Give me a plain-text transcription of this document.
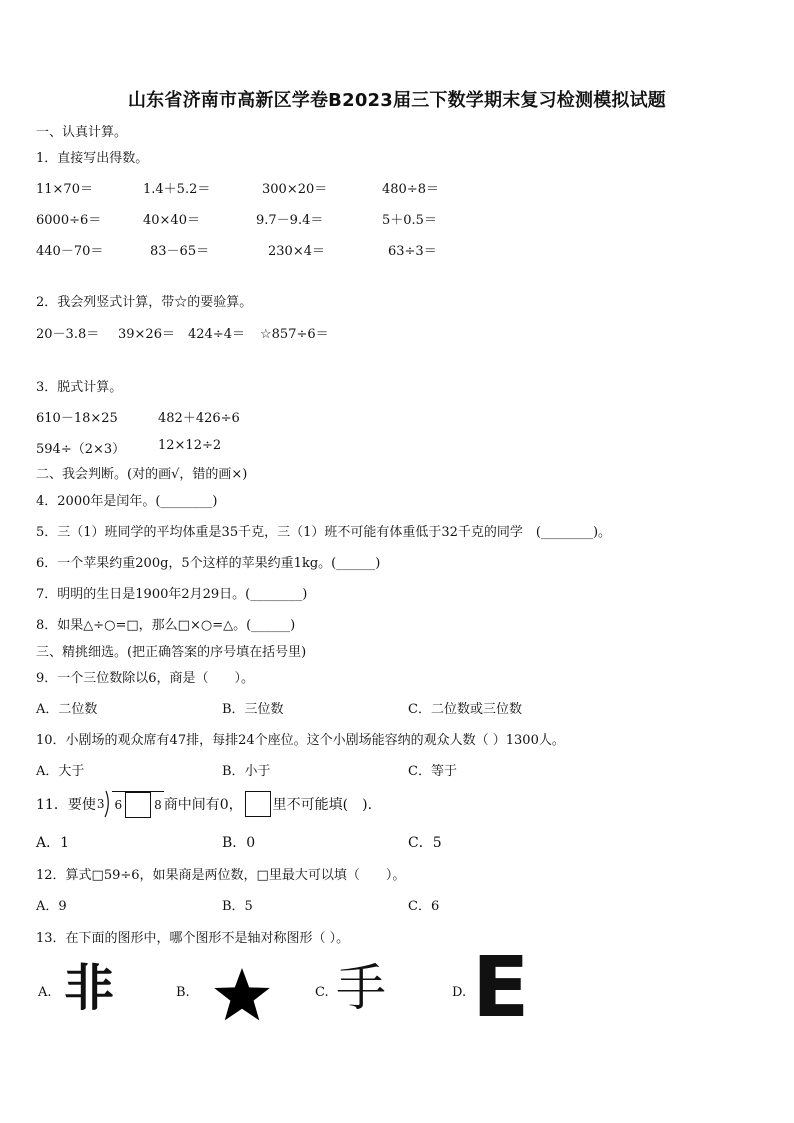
山东省济南市高新区学卷B2023届三下数学期末复习检测模拟试题
一、认真计算。
1．直接写出得数。
11×70＝	1.4＋5.2＝	300×20＝	480÷8＝
6000÷6＝	40×40＝	9.7－9.4＝	5＋0.5＝
440－70＝	83－65＝	230×4＝	63÷3＝
2．我会列竖式计算，带☆的要验算。
20－3.8＝ 39×26＝ 424÷4＝ ☆857÷6＝
3．脱式计算。
610－18×25	482＋426÷6
594÷（2×3）	12×12÷2
二、我会判断。(对的画√，错的画×)
4．2000年是闰年。(________)
5．三（1）班同学的平均体重是35千克，三（1）班不可能有体重低于32千克的同学　(________)。
6．一个苹果约重200g，5个这样的苹果约重1kg。(______)
7．明明的生日是1900年2月29日。(________)
8．如果△÷○=□，那么□×○=△。(______)
三、精挑细选。(把正确答案的序号填在括号里)
9．一个三位数除以6，商是（　　）。
A．二位数	B．三位数	C．二位数或三位数
10．小剧场的观众席有47排，每排24个座位。这个小剧场能容纳的观众人数（ ）1300人。
A．大于	B．小于	C．等于
11．要使 3 6	8 商中间有0， 里不可能填(　).
A．1	B．0	C．5
12．算式□59÷6，如果商是两位数，□里最大可以填（　　）。
A．9	B．5	C．6
13．在下面的图形中，哪个图形不是轴对称图形（ ）。
A. 非	B.	C. 手	D. E
